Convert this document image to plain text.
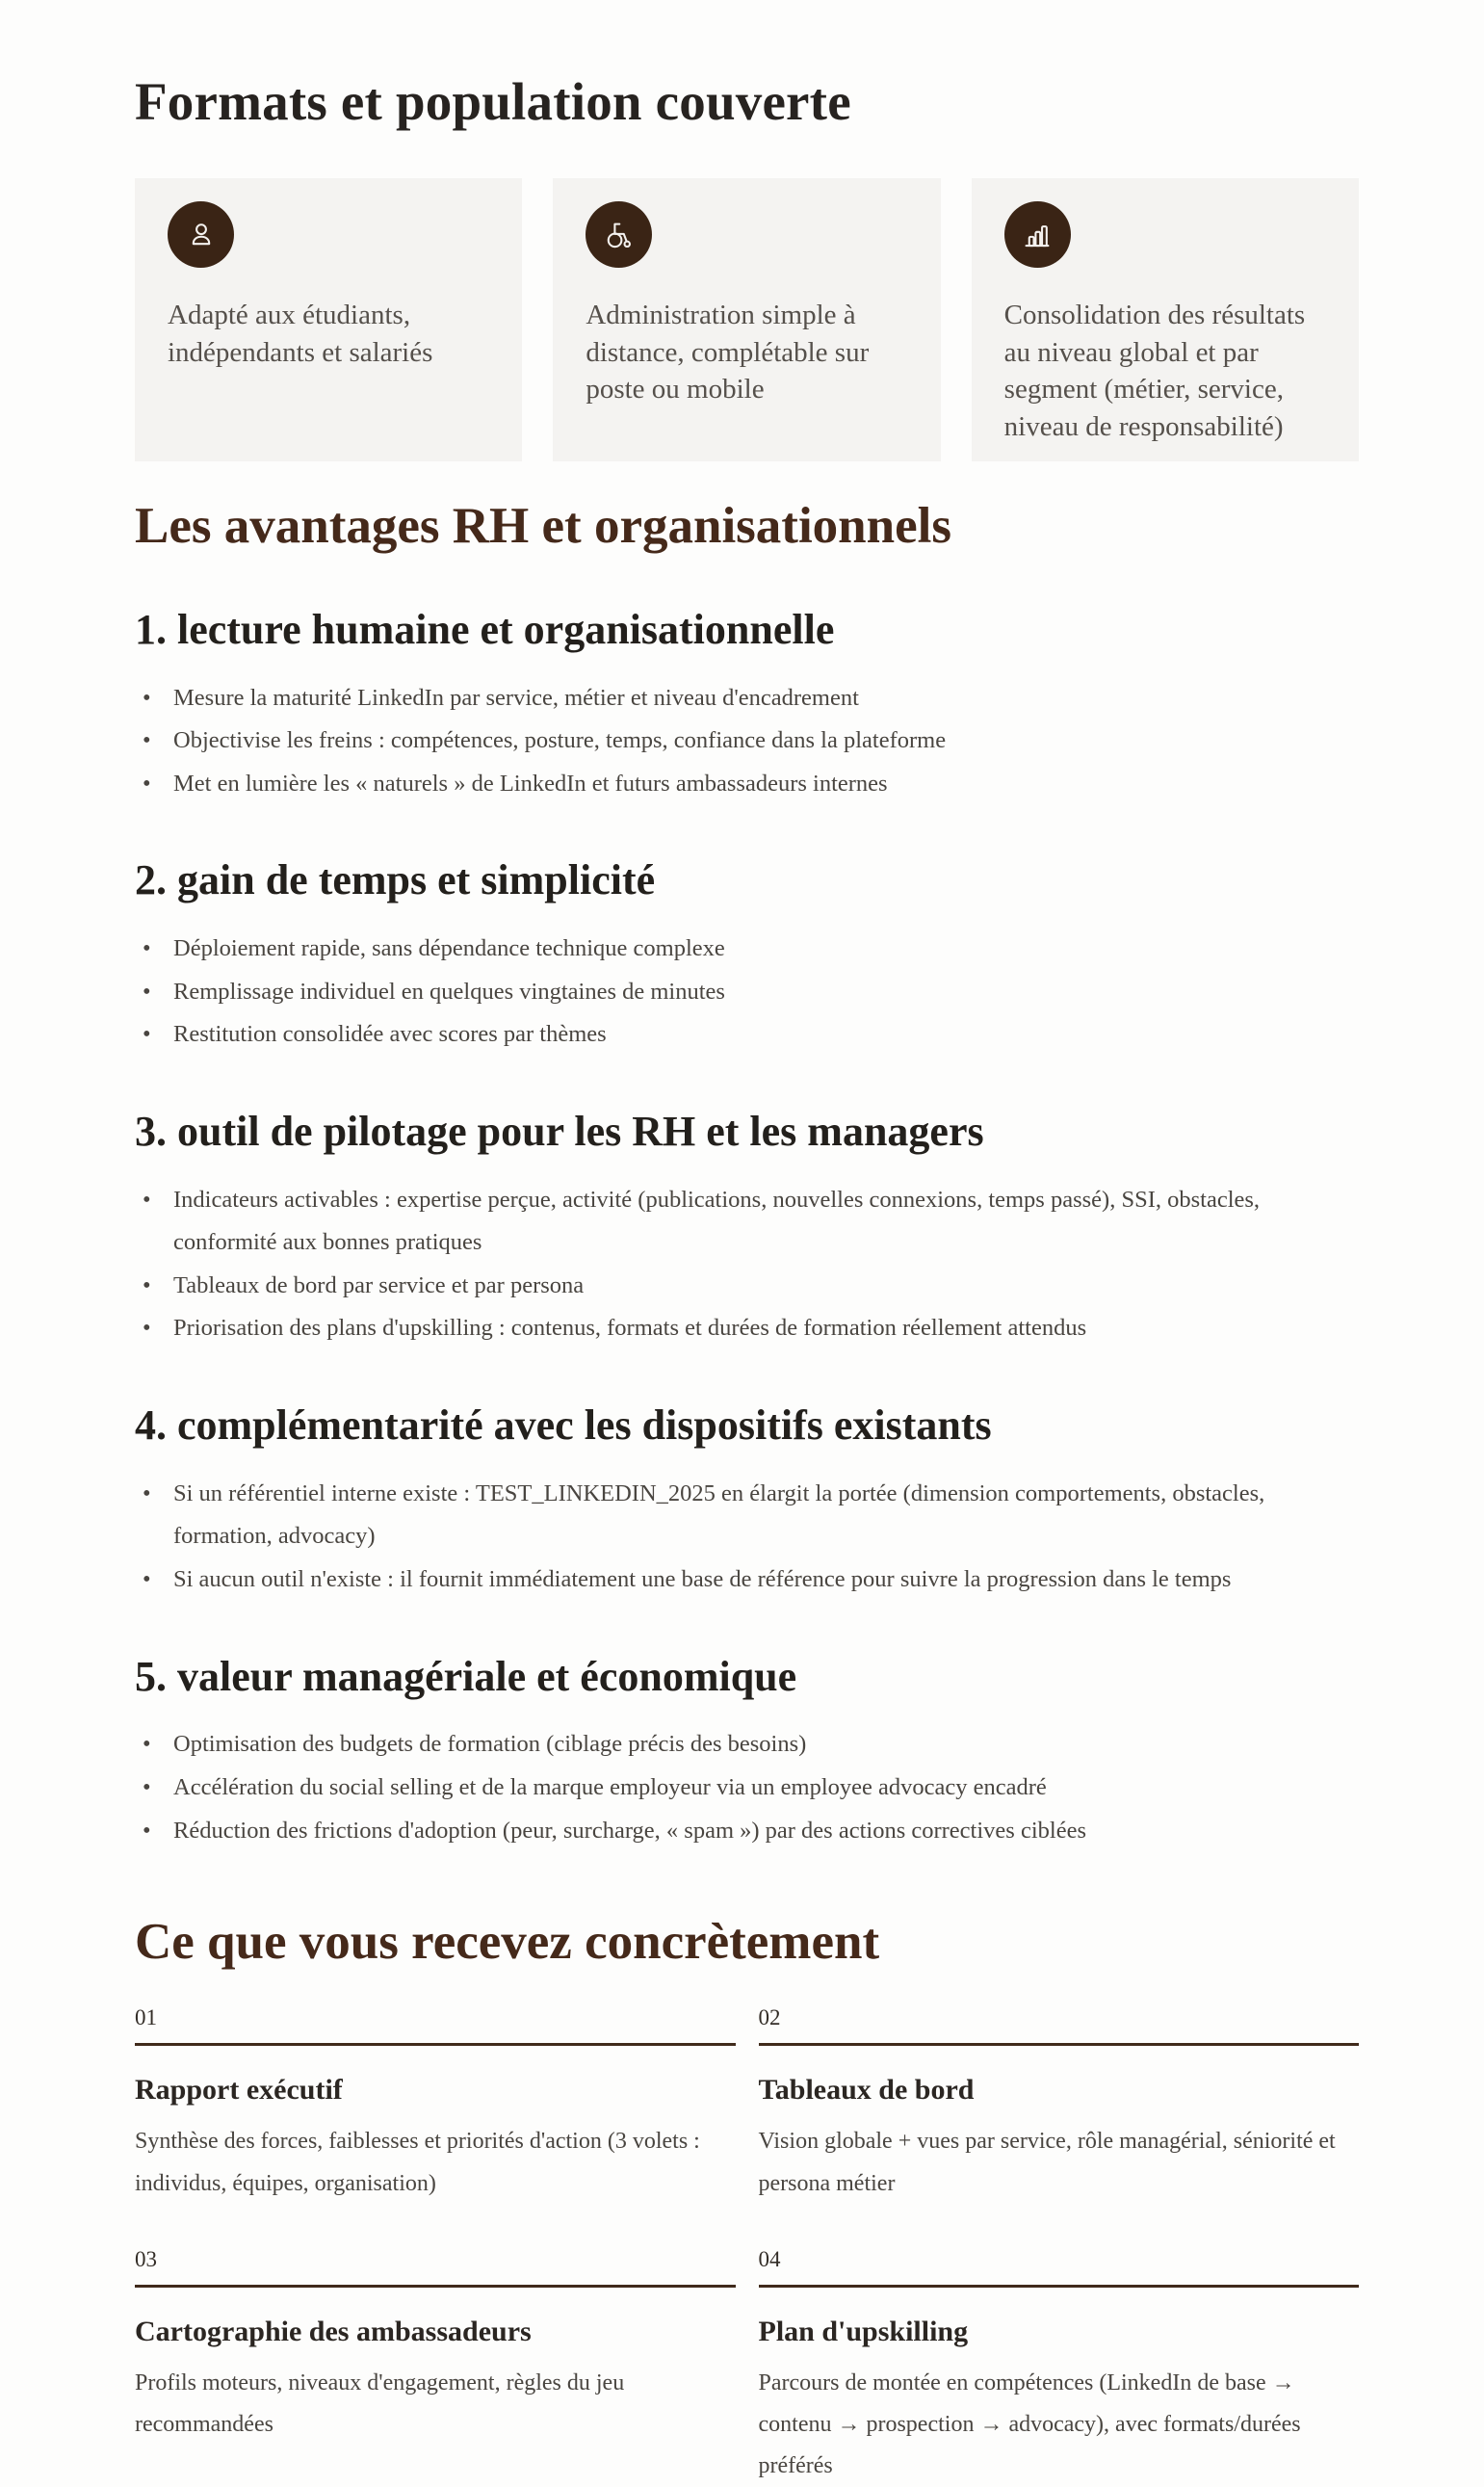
Formats et population couverte

Adapté aux étudiants, indépendants et salariés

Administration simple à distance, complétable sur poste ou mobile

Consolidation des résultats au niveau global et par segment (métier, service, niveau de responsabilité)

Les avantages RH et organisationnels
1. lecture humaine et organisationnelle
• Mesure la maturité LinkedIn par service, métier et niveau d'encadrement
• Objectivise les freins : compétences, posture, temps, confiance dans la plateforme
• Met en lumière les « naturels » de LinkedIn et futurs ambassadeurs internes
2. gain de temps et simplicité
• Déploiement rapide, sans dépendance technique complexe
• Remplissage individuel en quelques vingtaines de minutes
• Restitution consolidée avec scores par thèmes
3. outil de pilotage pour les RH et les managers
• Indicateurs activables : expertise perçue, activité (publications, nouvelles connexions, temps passé), SSI, obstacles, conformité aux bonnes pratiques
• Tableaux de bord par service et par persona
• Priorisation des plans d'upskilling : contenus, formats et durées de formation réellement attendus
4. complémentarité avec les dispositifs existants
• Si un référentiel interne existe : TEST_LINKEDIN_2025 en élargit la portée (dimension comportements, obstacles, formation, advocacy)
• Si aucun outil n'existe : il fournit immédiatement une base de référence pour suivre la progression dans le temps
5. valeur managériale et économique
• Optimisation des budgets de formation (ciblage précis des besoins)
• Accélération du social selling et de la marque employeur via un employee advocacy encadré
• Réduction des frictions d'adoption (peur, surcharge, « spam ») par des actions correctives ciblées
Ce que vous recevez concrètement
01
Rapport exécutif

Synthèse des forces, faiblesses et priorités d'action (3 volets : individus, équipes, organisation)

02
Tableaux de bord

Vision globale + vues par service, rôle managérial, séniorité et persona métier

03
Cartographie des ambassadeurs

Profils moteurs, niveaux d'engagement, règles du jeu recommandées

04
Plan d'upskilling

Parcours de montée en compétences (LinkedIn de base → contenu → prospection → advocacy), avec formats/durées préférés
